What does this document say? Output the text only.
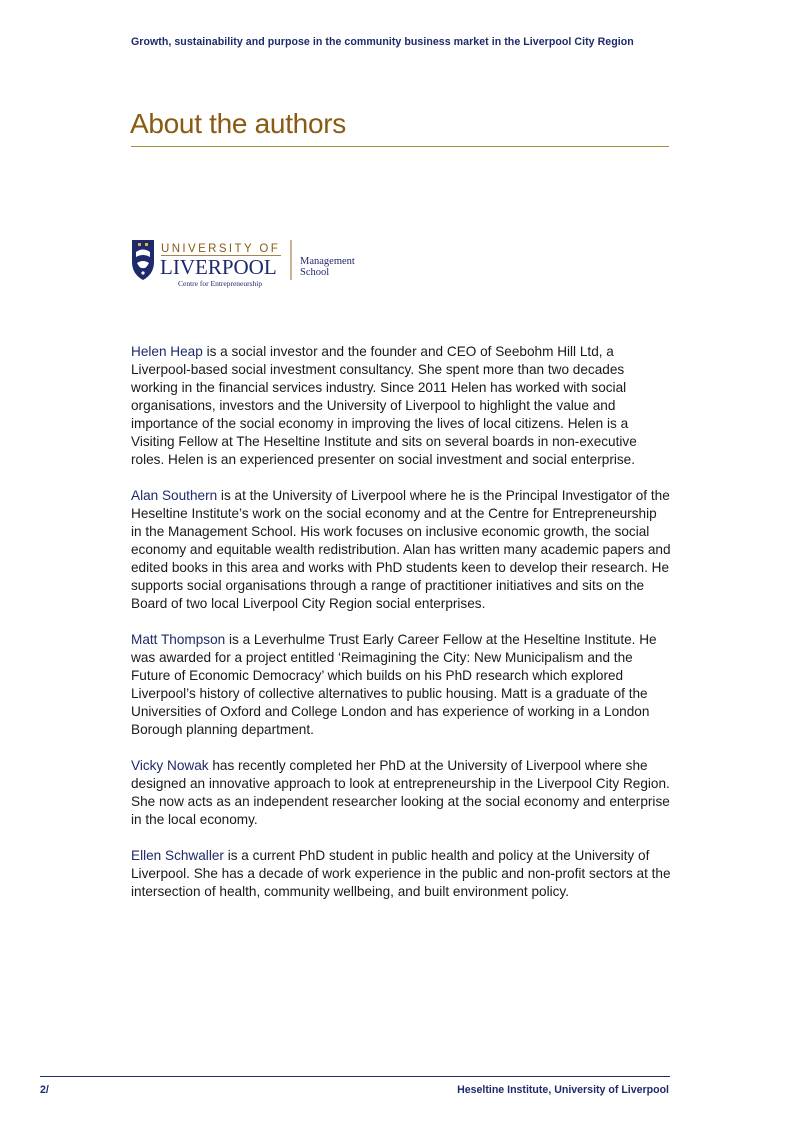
Growth, sustainability and purpose in the community business market in the Liverpool City Region
About the authors
UNIVERSITY OF
LIVERPOOL
Centre for Entrepreneurship
Management
School

Helen Heap is a social investor and the founder and CEO of Seebohm Hill Ltd, a Liverpool-based social investment consultancy. She spent more than two decades working in the financial services industry. Since 2011 Helen has worked with social organisations, investors and the University of Liverpool to highlight the value and importance of the social economy in improving the lives of local citizens. Helen is a Visiting Fellow at The Heseltine Institute and sits on several boards in non-executive roles. Helen is an experienced presenter on social investment and social enterprise.

Alan Southern is at the University of Liverpool where he is the Principal Investigator of the Heseltine Institute’s work on the social economy and at the Centre for Entrepreneurship in the Management School. His work focuses on inclusive economic growth, the social economy and equitable wealth redistribution. Alan has written many academic papers and edited books in this area and works with PhD students keen to develop their research. He supports social organisations through a range of practitioner initiatives and sits on the Board of two local Liverpool City Region social enterprises.

Matt Thompson is a Leverhulme Trust Early Career Fellow at the Heseltine Institute. He was awarded for a project entitled ‘Reimagining the City: New Municipalism and the Future of Economic Democracy’ which builds on his PhD research which explored Liverpool’s history of collective alternatives to public housing. Matt is a graduate of the Universities of Oxford and College London and has experience of working in a London Borough planning department.

Vicky Nowak has recently completed her PhD at the University of Liverpool where she designed an innovative approach to look at entrepreneurship in the Liverpool City Region. She now acts as an independent researcher looking at the social economy and enterprise in the local economy.

Ellen Schwaller is a current PhD student in public health and policy at the University of Liverpool. She has a decade of work experience in the public and non-profit sectors at the intersection of health, community wellbeing, and built environment policy.

2/	Heseltine Institute, University of Liverpool
